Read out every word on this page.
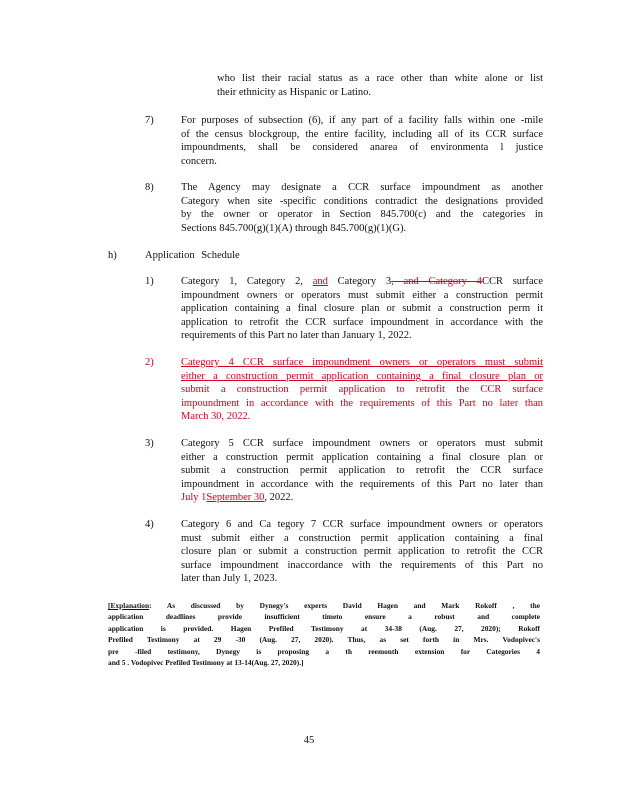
who list their racial status as a race other than white alone or list
their ethnicity as Hispanic or Latino.
7)	For purposes of subsection (6), if any part of a facility falls within one -mile
of the census blockgroup, the entire facility, including all of its CCR surface
impoundments, shall be considered anarea of environmenta l justice
concern.
8)	The Agency may designate a CCR surface impoundment as another
Category when site -specific conditions contradict the designations provided
by the owner or operator in Section 845.700(c) and the categories in
Sections 845.700(g)(1)(A) through 845.700(g)(1)(G).
h)	Application Schedule
1)	Category 1, Category 2, and Category 3, and Category 4CCR surface
impoundment owners or operators must submit either a construction permit
application containing a final closure plan or submit a construction perm it
application to retrofit the CCR surface impoundment in accordance with the
requirements of this Part no later than January 1, 2022.
2)	Category 4 CCR surface impoundment owners or operators must submit
either a construction permit application containing a final closure plan or
submit a construction permit application to retrofit the CCR surface
impoundment in accordance with the requirements of this Part no later than
March 30, 2022.
3)	Category 5 CCR surface impoundment owners or operators must submit
either a construction permit application containing a final closure plan or
submit a construction permit application to retrofit the CCR surface
impoundment in accordance with the requirements of this Part no later than
July 1September 30, 2022.
4)	Category 6 and Ca tegory 7 CCR surface impoundment owners or operators
must submit either a construction permit application containing a final
closure plan or submit a construction permit application to retrofit the CCR
surface impoundment inaccordance with the requirements of this Part no
later than July 1, 2023.
[Explanation: As discussed by Dynegy's experts David Hagen and Mark Rokoff , the
application deadlines provide insufficient timeto ensure a robust and complete
application is provided. Hagen Prefiled Testimony at 34-38 (Aug. 27, 2020); Rokoff
Prefiled Testimony at 29 -30 (Aug. 27, 2020). Thus, as set forth in Mrs. Vodopivec's
pre -filed testimony, Dynegy is proposing a th reemonth extension for Categories 4
and 5 . Vodopivec Prefiled Testimony at 13-14(Aug. 27, 2020).]
45
